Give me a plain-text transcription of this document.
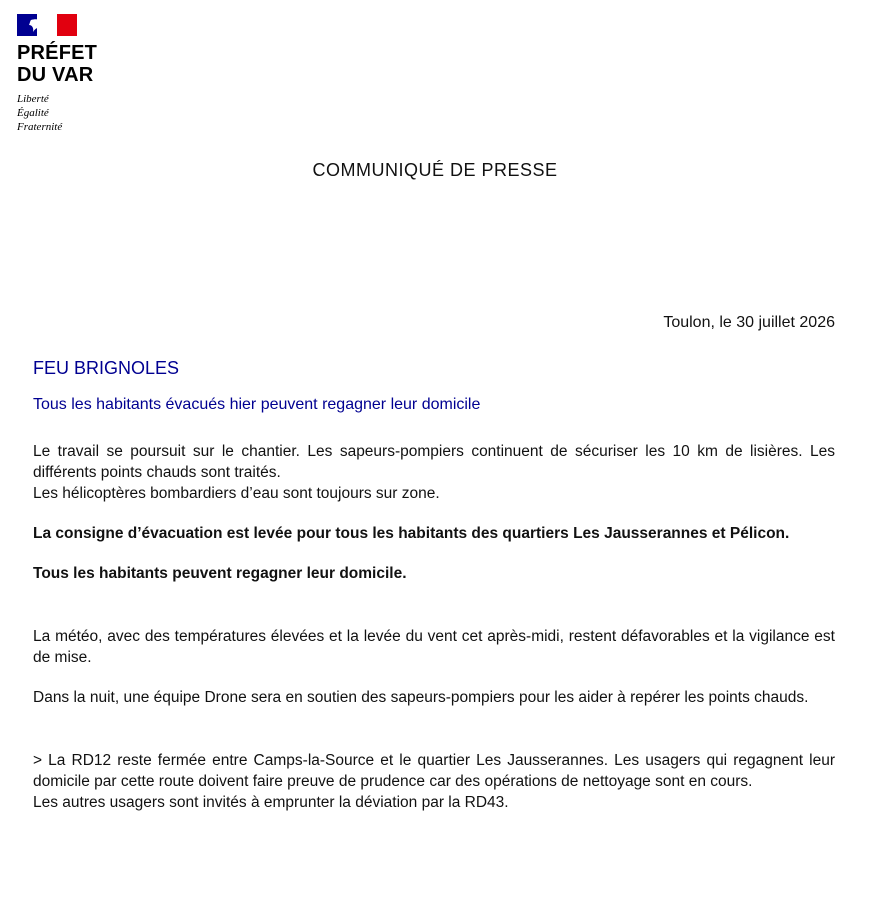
PRÉFET
DU VAR
Liberté
Égalité
Fraternité
COMMUNIQUÉ DE PRESSE
Toulon, le 30 juillet 2026
FEU BRIGNOLES
Tous les habitants évacués hier peuvent regagner leur domicile

Le travail se poursuit sur le chantier. Les sapeurs-pompiers continuent de sécuriser les 10 km de lisières. Les différents points chauds sont traités.

Les hélicoptères bombardiers d’eau sont toujours sur zone.

La consigne d’évacuation est levée pour tous les habitants des quartiers Les Jausserannes et Pélicon.

Tous les habitants peuvent regagner leur domicile.

La météo, avec des températures élevées et la levée du vent cet après-midi, restent défavorables et la vigilance est de mise.

Dans la nuit, une équipe Drone sera en soutien des sapeurs-pompiers pour les aider à repérer les points chauds.

> La RD12 reste fermée entre Camps-la-Source et le quartier Les Jausserannes. Les usagers qui regagnent leur domicile par cette route doivent faire preuve de prudence car des opérations de nettoyage sont en cours.

Les autres usagers sont invités à emprunter la déviation par la RD43.
